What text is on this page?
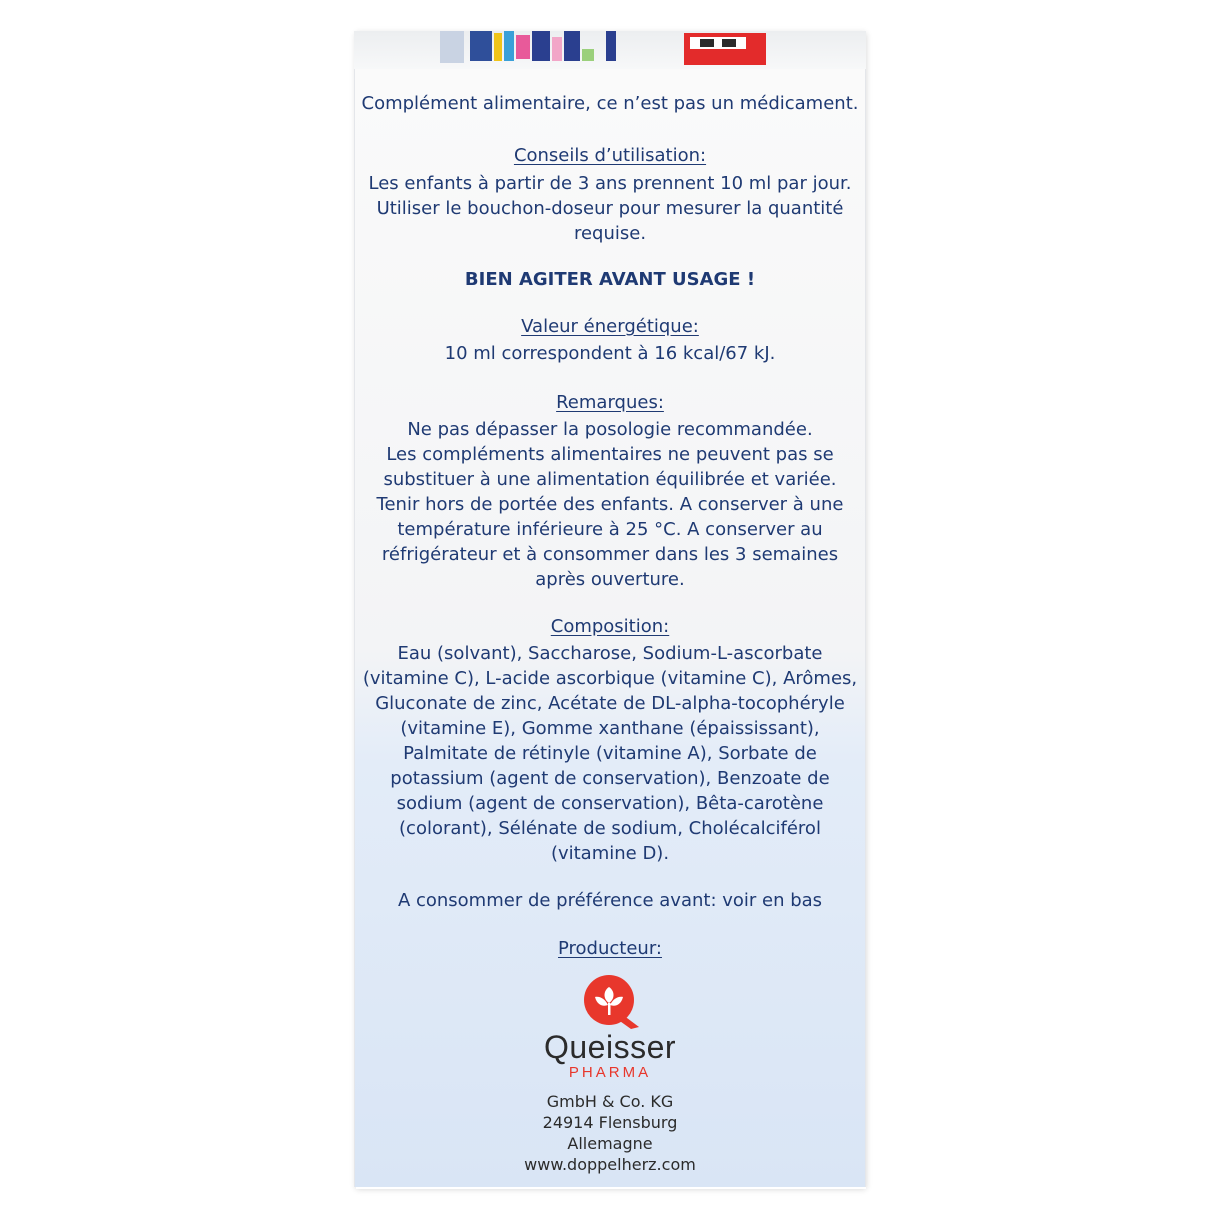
Complément alimentaire, ce n’est pas un médicament.

Conseils d’utilisation:

Les enfants à partir de 3 ans prennent 10 ml par jour.

Utiliser le bouchon-doseur pour mesurer la quantité

requise.

BIEN AGITER AVANT USAGE !

Valeur énergétique:

10 ml correspondent à 16 kcal/67 kJ.

Remarques:

Ne pas dépasser la posologie recommandée.

Les compléments alimentaires ne peuvent pas se

substituer à une alimentation équilibrée et variée.

Tenir hors de portée des enfants. A conserver à une

température inférieure à 25 °C. A conserver au

réfrigérateur et à consommer dans les 3 semaines

après ouverture.

Composition:

Eau (solvant), Saccharose, Sodium-L-ascorbate

(vitamine C), L-acide ascorbique (vitamine C), Arômes,

Gluconate de zinc, Acétate de DL-alpha-tocophéryle

(vitamine E), Gomme xanthane (épaississant),

Palmitate de rétinyle (vitamine A), Sorbate de

potassium (agent de conservation), Benzoate de

sodium (agent de conservation), Bêta-carotène

(colorant), Sélénate de sodium, Cholécalciférol

(vitamine D).

A consommer de préférence avant: voir en bas

Producteur:

Queisser
PHARMA

GmbH & Co. KG

24914 Flensburg

Allemagne

www.doppelherz.com
